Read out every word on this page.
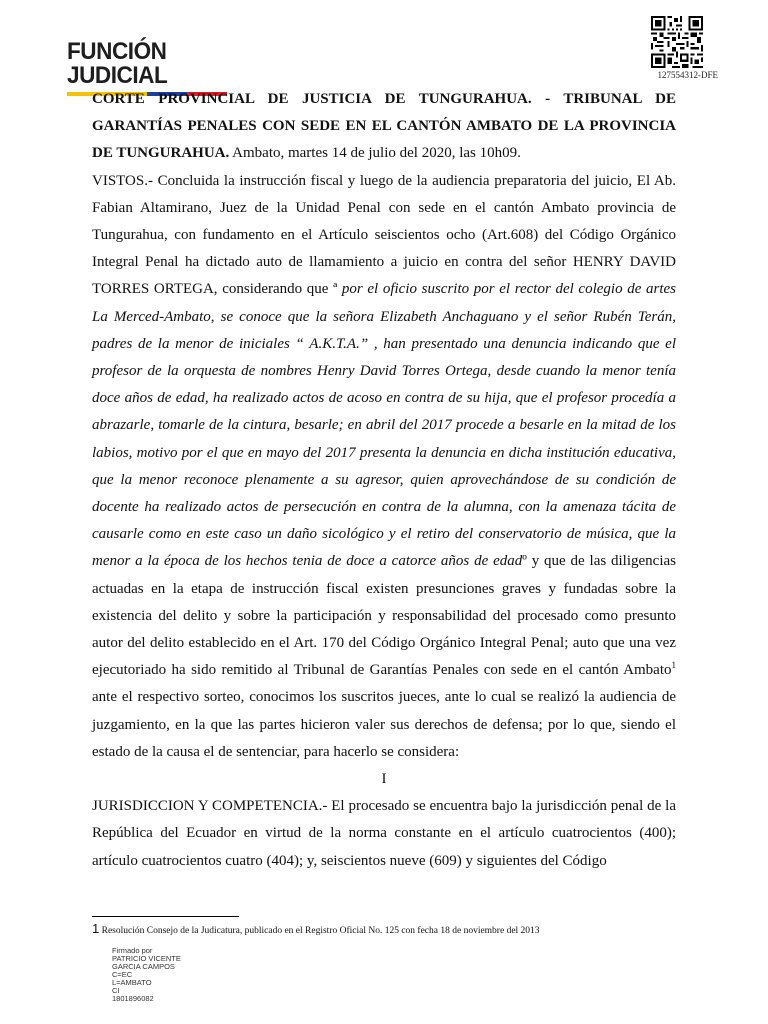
FUNCIÓN JUDICIAL	127554312-DFE

CORTE PROVINCIAL DE JUSTICIA DE TUNGURAHUA. - TRIBUNAL DE GARANTÍAS PENALES CON SEDE EN EL CANTÓN AMBATO DE LA PROVINCIA DE TUNGURAHUA. Ambato, martes 14 de julio del 2020, las 10h09.
VISTOS.- Concluida la instrucción fiscal y luego de la audiencia preparatoria del juicio, El Ab. Fabian Altamirano, Juez de la Unidad Penal con sede en el cantón Ambato provincia de Tungurahua, con fundamento en el Artículo seiscientos ocho (Art.608) del Código Orgánico Integral Penal ha dictado auto de llamamiento a juicio en contra del señor HENRY DAVID TORRES ORTEGA, considerando que ª por el oficio suscrito por el rector del colegio de artes La Merced-Ambato, se conoce que la señora Elizabeth Anchaguano y el señor Rubén Terán, padres de la menor de iniciales “ A.K.T.A.” , han presentado una denuncia indicando que el profesor de la orquesta de nombres Henry David Torres Ortega, desde cuando la menor tenía doce años de edad, ha realizado actos de acoso en contra de su hija, que el profesor procedía a abrazarle, tomarle de la cintura, besarle; en abril del 2017 procede a besarle en la mitad de los labios, motivo por el que en mayo del 2017 presenta la denuncia en dicha institución educativa, que la menor reconoce plenamente a su agresor, quien aprovechándose de su condición de docente ha realizado actos de persecución en contra de la alumna, con la amenaza tácita de causarle como en este caso un daño sicológico y el retiro del conservatorio de música, que la menor a la época de los hechos tenia de doce a catorce años de edadº y que de las diligencias actuadas en la etapa de instrucción fiscal existen presunciones graves y fundadas sobre la existencia del delito y sobre la participación y responsabilidad del procesado como presunto autor del delito establecido en el Art. 170 del Código Orgánico Integral Penal; auto que una vez ejecutoriado ha sido remitido al Tribunal de Garantías Penales con sede en el cantón Ambato$^1$ ante el respectivo sorteo, conocimos los suscritos jueces, ante lo cual se realizó la audiencia de juzgamiento, en la que las partes hicieron valer sus derechos de defensa; por lo que, siendo el estado de la causa el de sentenciar, para hacerlo se considera:

I

JURISDICCION Y COMPETENCIA.- El procesado se encuentra bajo la jurisdicción penal de la República del Ecuador en virtud de la norma constante en el artículo cuatrocientos (400); artículo cuatrocientos cuatro (404); y, seiscientos nueve (609) y siguientes del Código

1 Resolución Consejo de la Judicatura, publicado en el Registro Oficial No. 125 con fecha 18 de noviembre del 2013
Firmado por
PATRICIO VICENTE
GARCIA CAMPOS
C=EC
L=AMBATO
CI
1801896082
